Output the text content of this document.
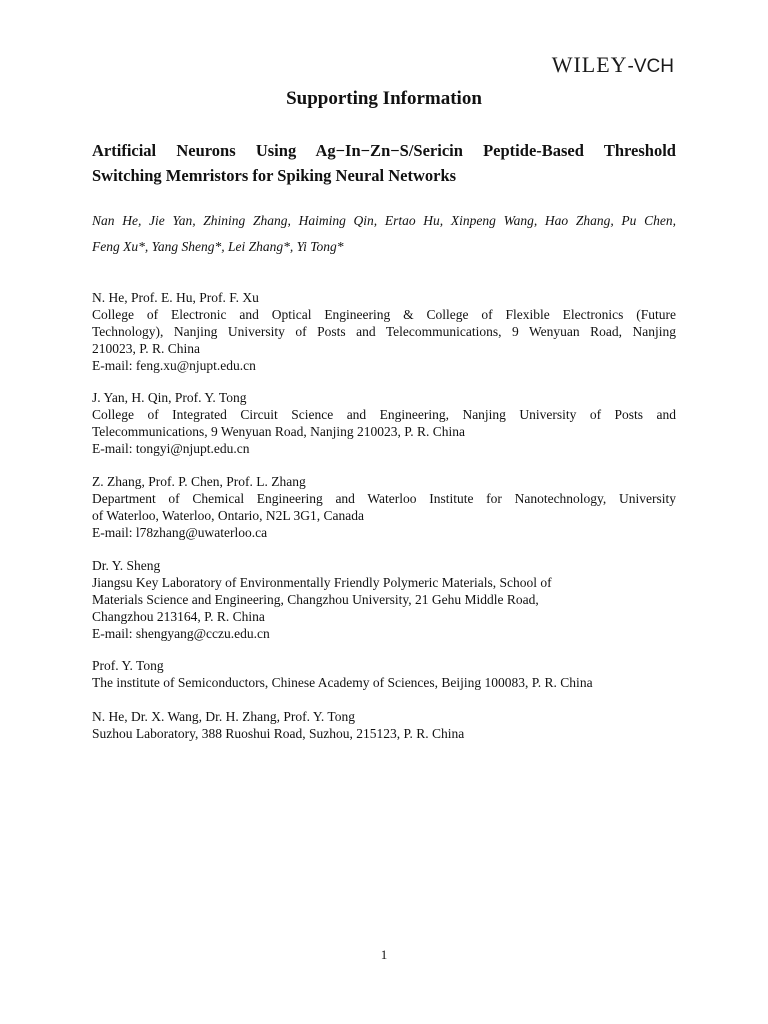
WILEY-VCH
Supporting Information
Artificial Neurons Using Ag−In−Zn−S/Sericin Peptide-Based Threshold
Switching Memristors for Spiking Neural Networks
Nan He, Jie Yan, Zhining Zhang, Haiming Qin, Ertao Hu, Xinpeng Wang, Hao Zhang, Pu Chen,
Feng Xu*, Yang Sheng*, Lei Zhang*, Yi Tong*
N. He, Prof. E. Hu, Prof. F. Xu
College of Electronic and Optical Engineering & College of Flexible Electronics (Future
Technology), Nanjing University of Posts and Telecommunications, 9 Wenyuan Road, Nanjing
210023, P. R. China
E-mail: feng.xu@njupt.edu.cn
J. Yan, H. Qin, Prof. Y. Tong
College of Integrated Circuit Science and Engineering, Nanjing University of Posts and
Telecommunications, 9 Wenyuan Road, Nanjing 210023, P. R. China
E-mail: tongyi@njupt.edu.cn
Z. Zhang, Prof. P. Chen, Prof. L. Zhang
Department of Chemical Engineering and Waterloo Institute for Nanotechnology, University
of Waterloo, Waterloo, Ontario, N2L 3G1, Canada
E-mail: l78zhang@uwaterloo.ca
Dr. Y. Sheng
Jiangsu Key Laboratory of Environmentally Friendly Polymeric Materials, School of
Materials Science and Engineering, Changzhou University, 21 Gehu Middle Road,
Changzhou 213164, P. R. China
E-mail: shengyang@cczu.edu.cn
Prof. Y. Tong
The institute of Semiconductors, Chinese Academy of Sciences, Beijing 100083, P. R. China
N. He, Dr. X. Wang, Dr. H. Zhang, Prof. Y. Tong
Suzhou Laboratory, 388 Ruoshui Road, Suzhou, 215123, P. R. China
1
